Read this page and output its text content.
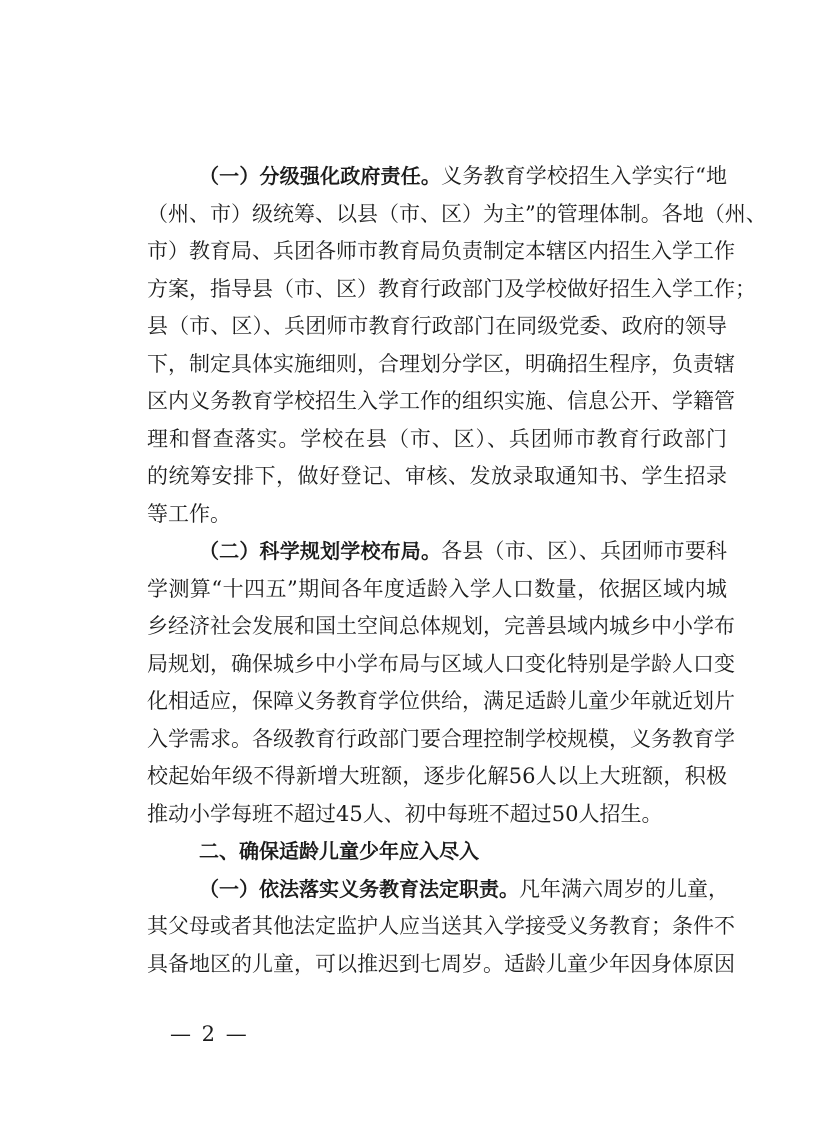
（一）分级强化政府责任。义务教育学校招生入学实行“地
（州、市）级统筹、以县（市、区）为主”的管理体制。各地（州、
市）教育局、兵团各师市教育局负责制定本辖区内招生入学工作
方案，指导县（市、区）教育行政部门及学校做好招生入学工作；
县（市、区）、兵团师市教育行政部门在同级党委、政府的领导
下，制定具体实施细则，合理划分学区，明确招生程序，负责辖
区内义务教育学校招生入学工作的组织实施、信息公开、学籍管
理和督查落实。学校在县（市、区）、兵团师市教育行政部门
的统筹安排下，做好登记、审核、发放录取通知书、学生招录
等工作。
（二）科学规划学校布局。各县（市、区）、兵团师市要科
学测算“十四五”期间各年度适龄入学人口数量，依据区域内城
乡经济社会发展和国土空间总体规划，完善县域内城乡中小学布
局规划，确保城乡中小学布局与区域人口变化特别是学龄人口变
化相适应，保障义务教育学位供给，满足适龄儿童少年就近划片
入学需求。各级教育行政部门要合理控制学校规模，义务教育学
校起始年级不得新增大班额，逐步化解56人以上大班额，积极
推动小学每班不超过45人、初中每班不超过50人招生。
二、确保适龄儿童少年应入尽入
（一）依法落实义务教育法定职责。凡年满六周岁的儿童，
其父母或者其他法定监护人应当送其入学接受义务教育；条件不
具备地区的儿童，可以推迟到七周岁。适龄儿童少年因身体原因
— 2 —
